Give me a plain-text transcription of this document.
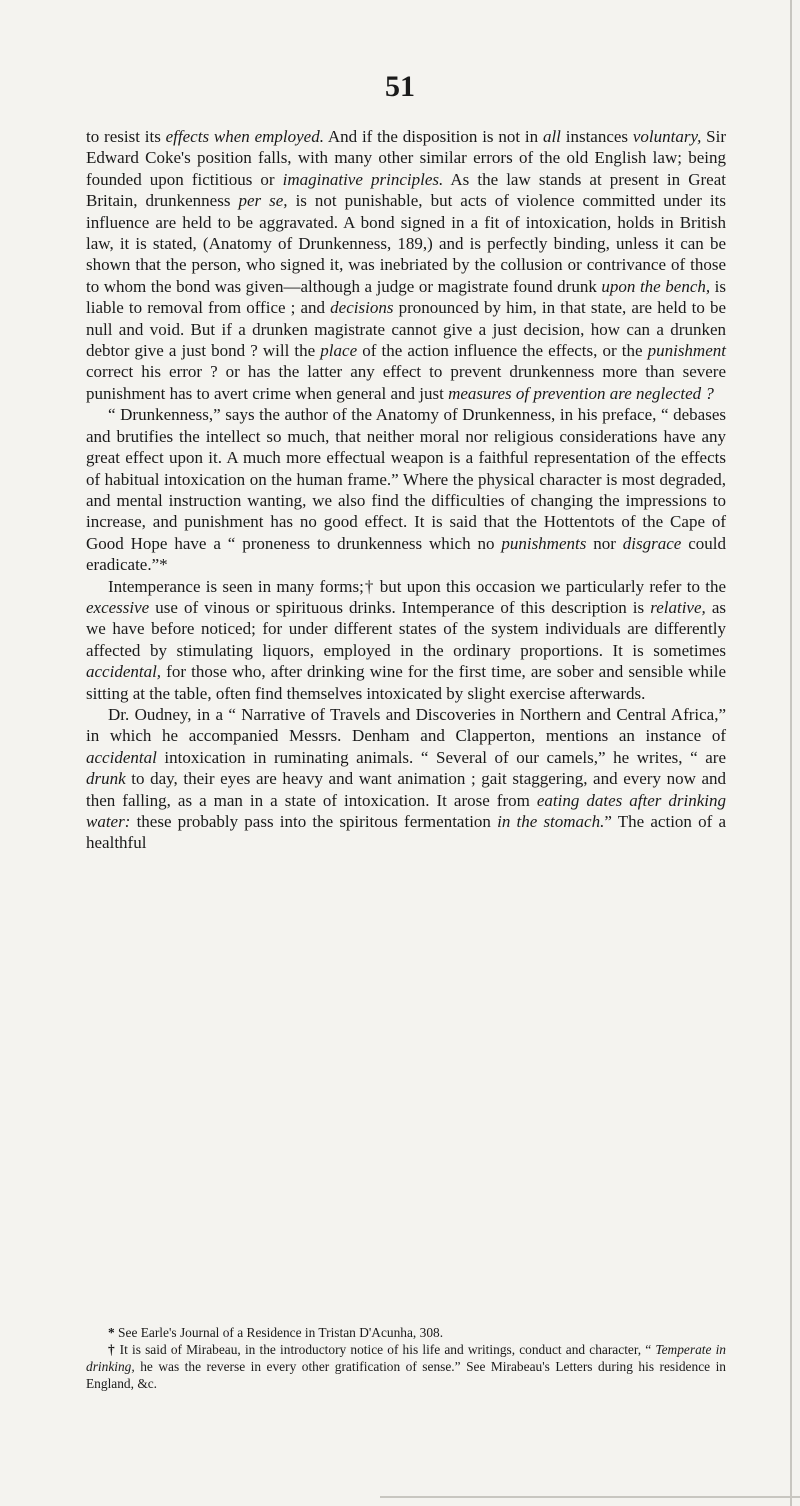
51

to resist its effects when employed. And if the disposition is not in all instances voluntary, Sir Edward Coke's position falls, with many other similar errors of the old English law; being founded upon fictitious or imaginative principles. As the law stands at present in Great Britain, drunkenness per se, is not punishable, but acts of violence committed under its influence are held to be aggravated. A bond signed in a fit of intoxication, holds in British law, it is stated, (Anatomy of Drunkenness, 189,) and is perfectly binding, unless it can be shown that the person, who signed it, was inebriated by the collusion or contrivance of those to whom the bond was given—although a judge or magistrate found drunk upon the bench, is liable to removal from office ; and decisions pronounced by him, in that state, are held to be null and void. But if a drunken magistrate cannot give a just decision, how can a drunken debtor give a just bond ? will the place of the action influence the effects, or the punishment correct his error ? or has the latter any effect to prevent drunkenness more than severe punishment has to avert crime when general and just measures of prevention are neglected ?

“ Drunkenness,” says the author of the Anatomy of Drunkenness, in his preface, “ debases and brutifies the intellect so much, that neither moral nor religious considerations have any great effect upon it. A much more effectual weapon is a faithful representation of the effects of habitual intoxication on the human frame.” Where the physical character is most degraded, and mental instruction wanting, we also find the difficulties of changing the impressions to increase, and punishment has no good effect. It is said that the Hottentots of the Cape of Good Hope have a “ proneness to drunkenness which no punishments nor disgrace could eradicate.”*

Intemperance is seen in many forms;† but upon this occasion we particularly refer to the excessive use of vinous or spirituous drinks. Intemperance of this description is relative, as we have before noticed; for under different states of the system individuals are differently affected by stimulating liquors, employed in the ordinary proportions. It is sometimes accidental, for those who, after drinking wine for the first time, are sober and sensible while sitting at the table, often find themselves intoxicated by slight exercise afterwards.

Dr. Oudney, in a “ Narrative of Travels and Discoveries in Northern and Central Africa,” in which he accompanied Messrs. Denham and Clapperton, mentions an instance of accidental intoxication in ruminating animals. “ Several of our camels,” he writes, “ are drunk to day, their eyes are heavy and want animation ; gait staggering, and every now and then falling, as a man in a state of intoxication. It arose from eating dates after drinking water: these probably pass into the spiritous fermentation in the stomach.” The action of a healthful

* See Earle's Journal of a Residence in Tristan D'Acunha, 308.

† It is said of Mirabeau, in the introductory notice of his life and writings, conduct and character, “ Temperate in drinking, he was the reverse in every other gratification of sense.” See Mirabeau's Letters during his residence in England, &c.
